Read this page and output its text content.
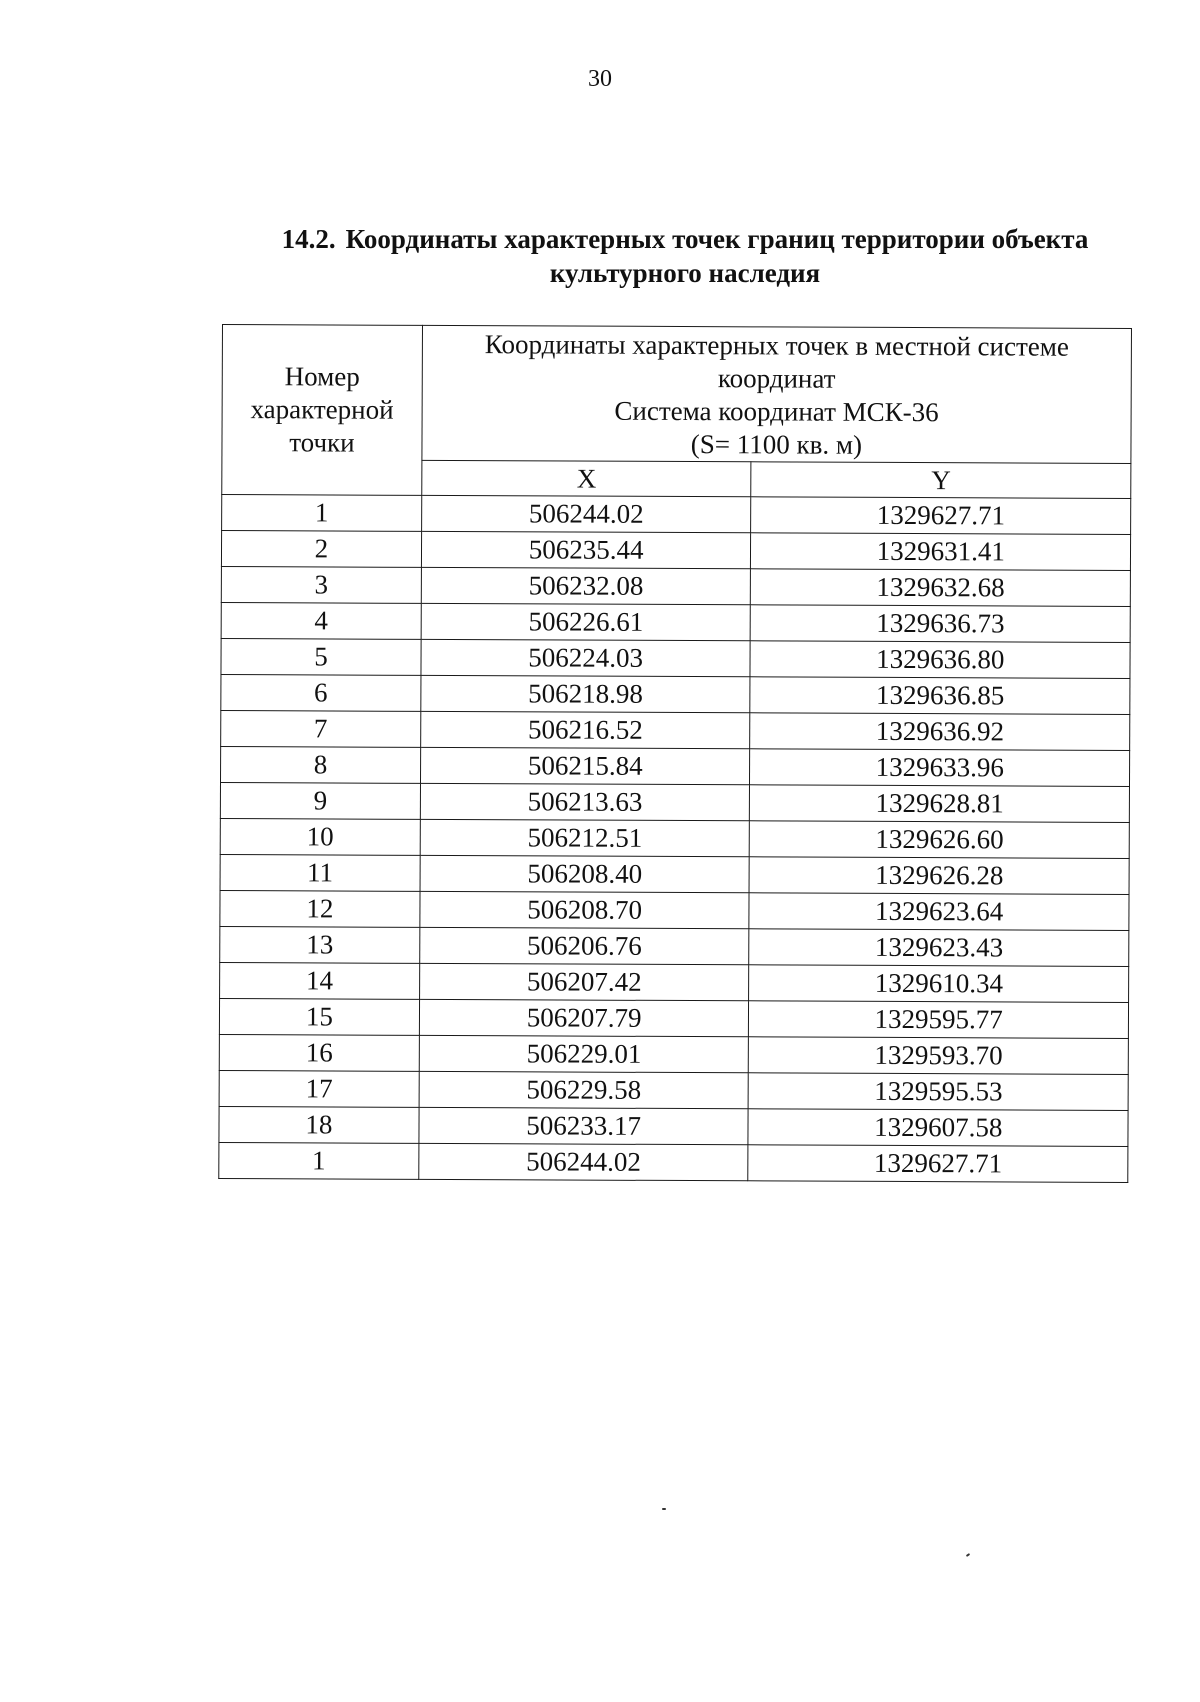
30
14.2. Координаты характерных точек границ территории объекта
культурного наследия
Номер
характерной
точки	Координаты характерных точек в местной системе
координат
Система координат МСК-36
(S= 1100 кв. м)	

	X	Y
1	506244.02	1329627.71
2	506235.44	1329631.41
3	506232.08	1329632.68
4	506226.61	1329636.73
5	506224.03	1329636.80
6	506218.98	1329636.85
7	506216.52	1329636.92
8	506215.84	1329633.96
9	506213.63	1329628.81
10	506212.51	1329626.60
11	506208.40	1329626.28
12	506208.70	1329623.64
13	506206.76	1329623.43
14	506207.42	1329610.34
15	506207.79	1329595.77
16	506229.01	1329593.70
17	506229.58	1329595.53
18	506233.17	1329607.58
1	506244.02	1329627.71
